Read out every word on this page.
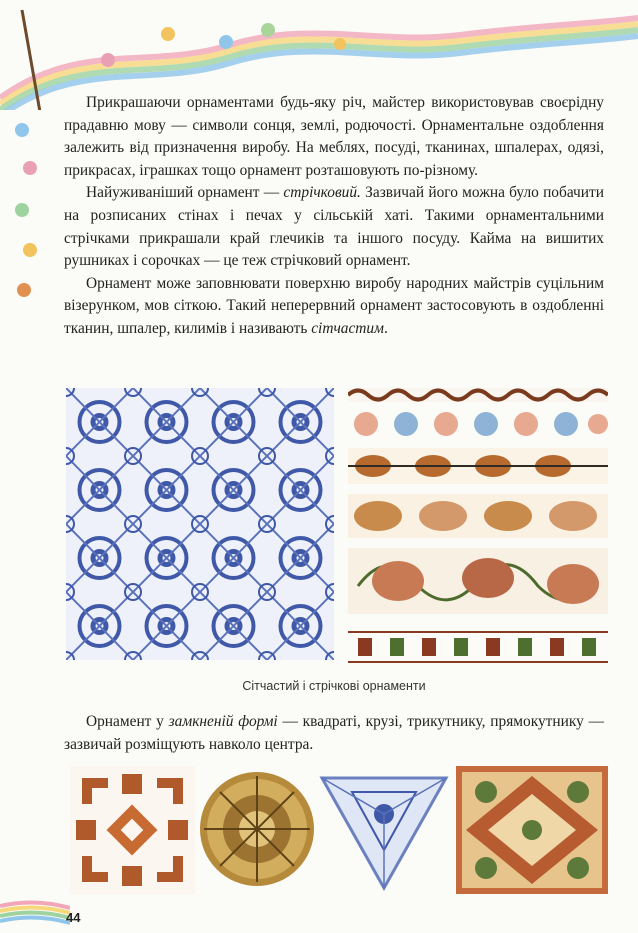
Прикрашаючи орнаментами будь-яку річ, майстер використовував своєрідну прадавню мову — символи сонця, землі, родючості. Орнаментальне оздоблення залежить від призначення виробу. На меблях, посуді, тканинах, шпалерах, одязі, прикрасах, іграшках тощо орнамент розташовують по-різному.

Найуживаніший орнамент — стрічковий. Зазвичай його можна було побачити на розписаних стінах і печах у сільській хаті. Такими орнаментальними стрічками прикрашали край глечиків та іншого посуду. Кайма на вишитих рушниках і сорочках — це теж стрічковий орнамент.

Орнамент може заповнювати поверхню виробу народних майстрів суцільним візерунком, мов сіткою. Такий неперервний орнамент застосовують в оздобленні тканин, шпалер, килимів і називають сітчастим.

Сітчастий і стрічкові орнаменти

Орнамент у замкненій формі — квадраті, крузі, трикутнику, прямокутнику — зазвичай розміщують навколо центра.

44
